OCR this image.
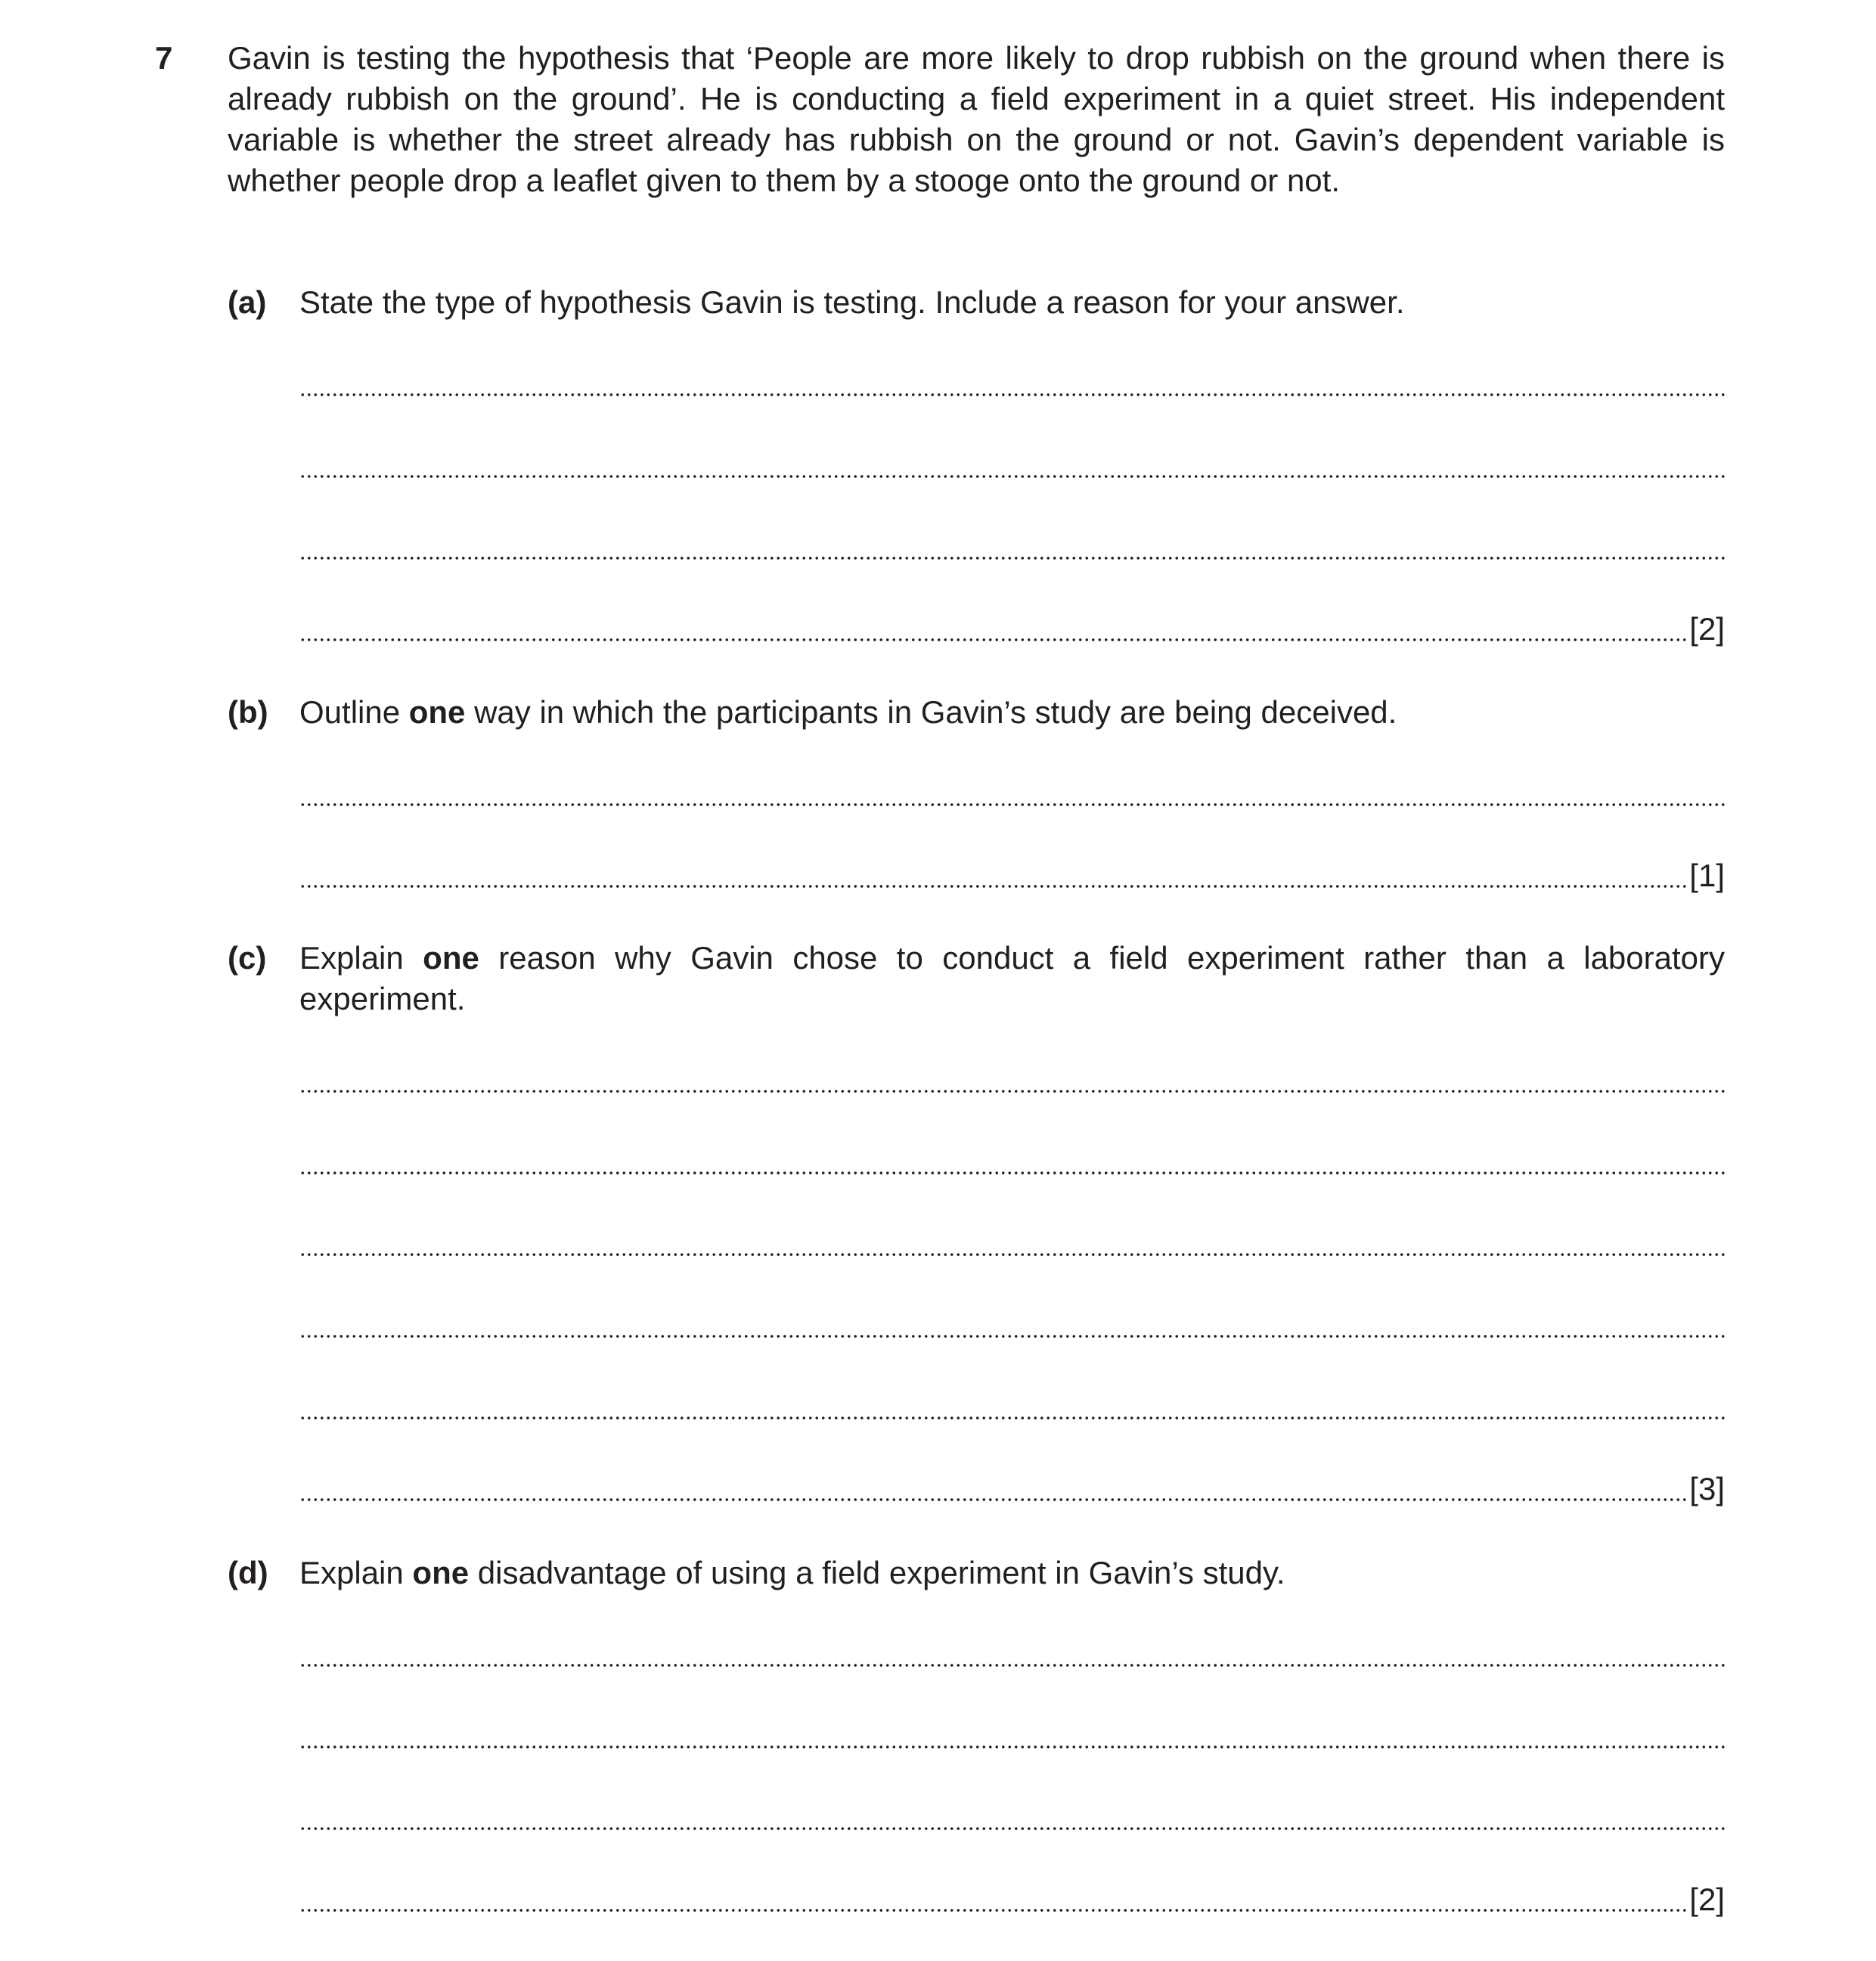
7 Gavin is testing the hypothesis that ‘People are more likely to drop rubbish on the ground when there is already rubbish on the ground’. He is conducting a field experiment in a quiet street. His independent variable is whether the street already has rubbish on the ground or not. Gavin’s dependent variable is whether people drop a leaflet given to them by a stooge onto the ground or not.
(a) State the type of hypothesis Gavin is testing. Include a reason for your answer.
[2]
(b) Outline one way in which the participants in Gavin’s study are being deceived.
[1]
(c) Explain one reason why Gavin chose to conduct a field experiment rather than a laboratory experiment.
[3]
(d) Explain one disadvantage of using a field experiment in Gavin’s study.
[2]
